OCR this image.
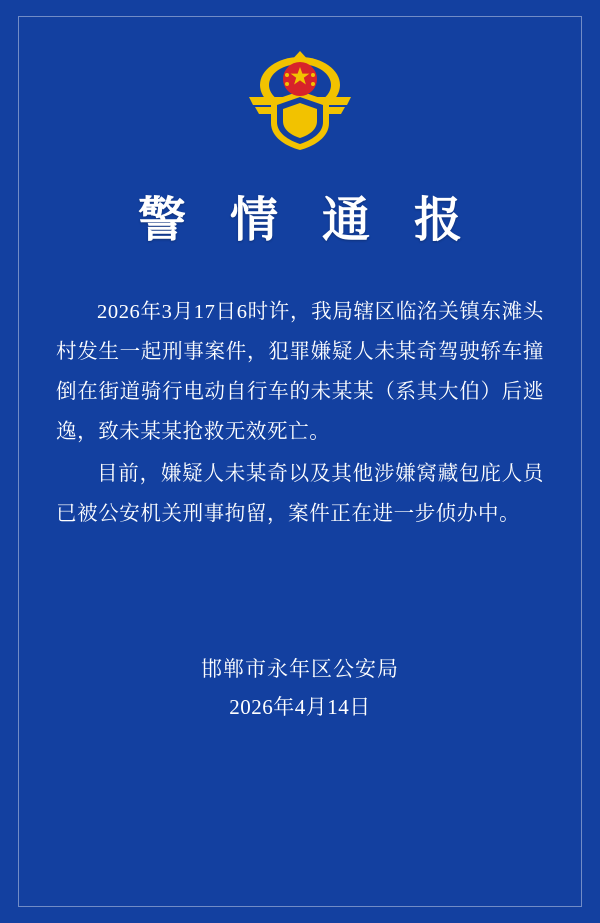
警 情 通 报

2026年3月17日6时许，我局辖区临洺关镇东滩头村发生一起刑事案件，犯罪嫌疑人未某奇驾驶轿车撞倒在街道骑行电动自行车的未某某（系其大伯）后逃逸，致未某某抢救无效死亡。

目前，嫌疑人未某奇以及其他涉嫌窝藏包庇人员已被公安机关刑事拘留，案件正在进一步侦办中。

邯郸市永年区公安局
2026年4月14日
